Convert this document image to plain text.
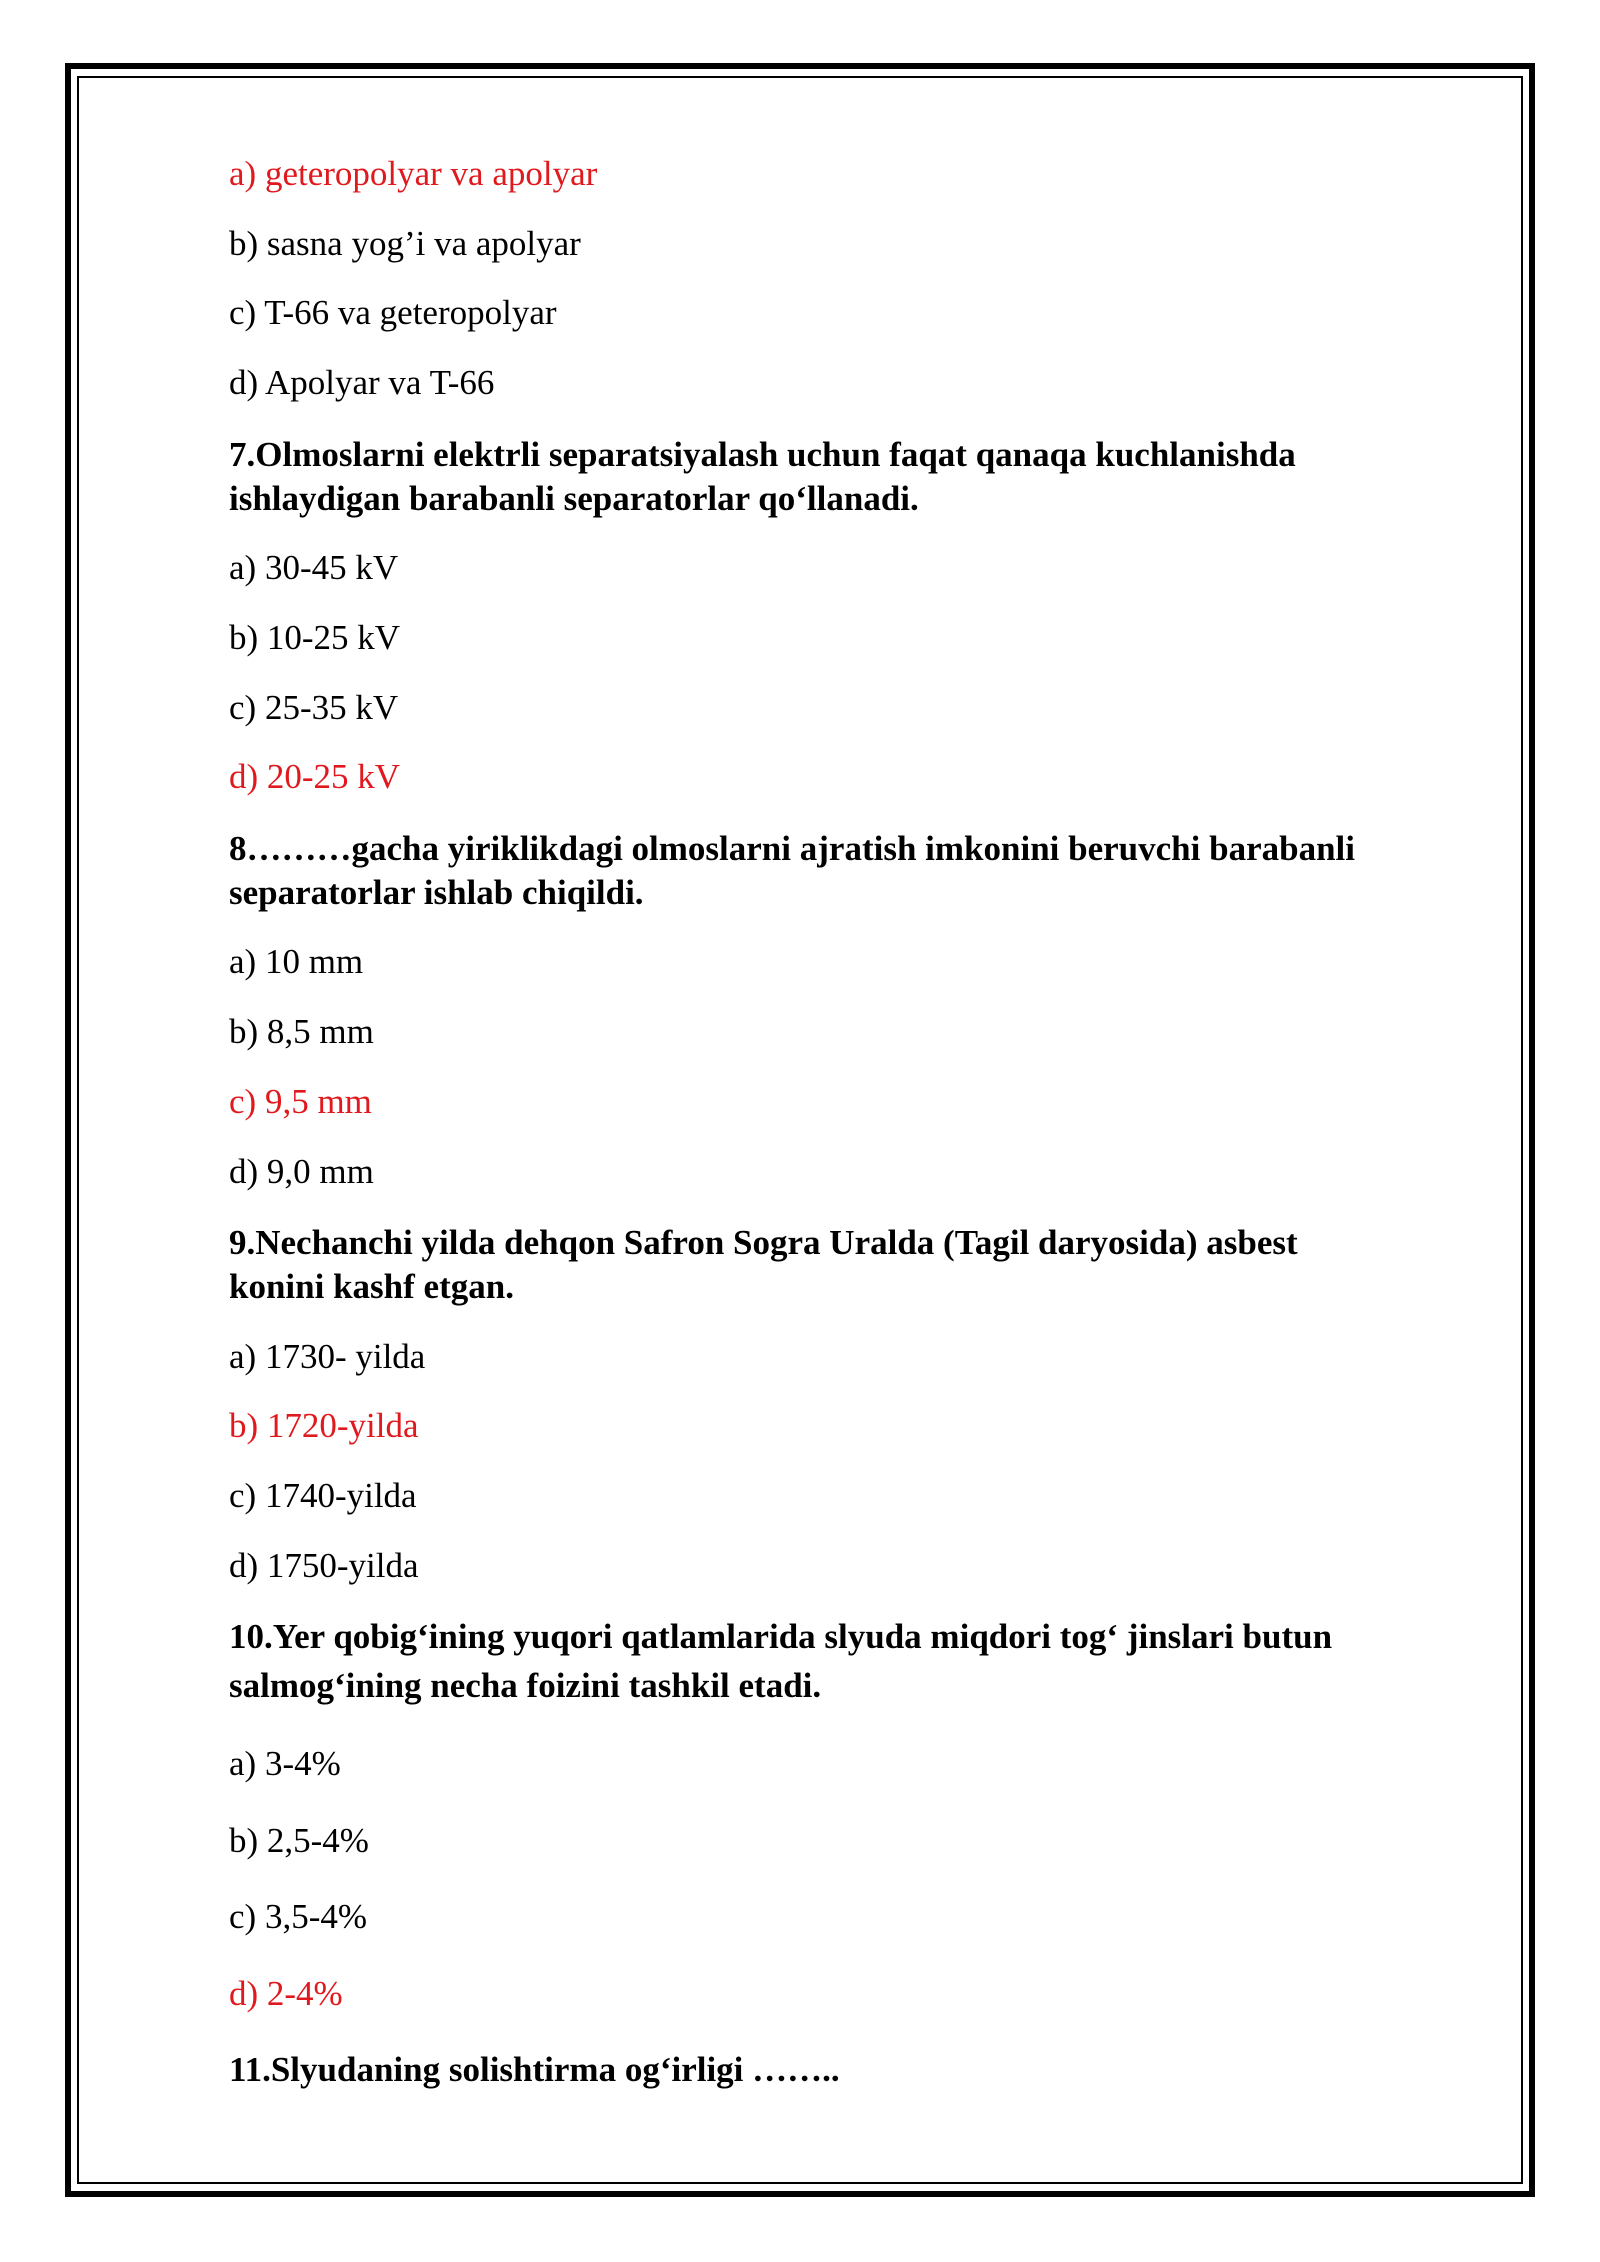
a) geteropolyar va apolyar
b) sasna yog’i va apolyar
c) T-66 va geteropolyar
d) Apolyar va T-66
7.Olmoslarni elektrli separatsiyalash uchun faqat qanaqa kuchlanishda
ishlaydigan barabanli separatorlar qo‘llanadi.
a) 30-45 kV
b) 10-25 kV
c) 25-35 kV
d) 20-25 kV
8………gacha yiriklikdagi olmoslarni ajratish imkonini beruvchi barabanli
separatorlar ishlab chiqildi.
a) 10 mm
b) 8,5 mm
c) 9,5 mm
d) 9,0 mm
9.Nechanchi yilda dehqon Safron Sogra Uralda (Tagil daryosida) asbest
konini kashf etgan.
a) 1730- yilda
b) 1720-yilda
c) 1740-yilda
d) 1750-yilda
10.Yer qobig‘ining yuqori qatlamlarida slyuda miqdori tog‘ jinslari butun
salmog‘ining necha foizini tashkil etadi.
a) 3-4%
b) 2,5-4%
c) 3,5-4%
d) 2-4%
11.Slyudaning solishtirma og‘irligi ……..
